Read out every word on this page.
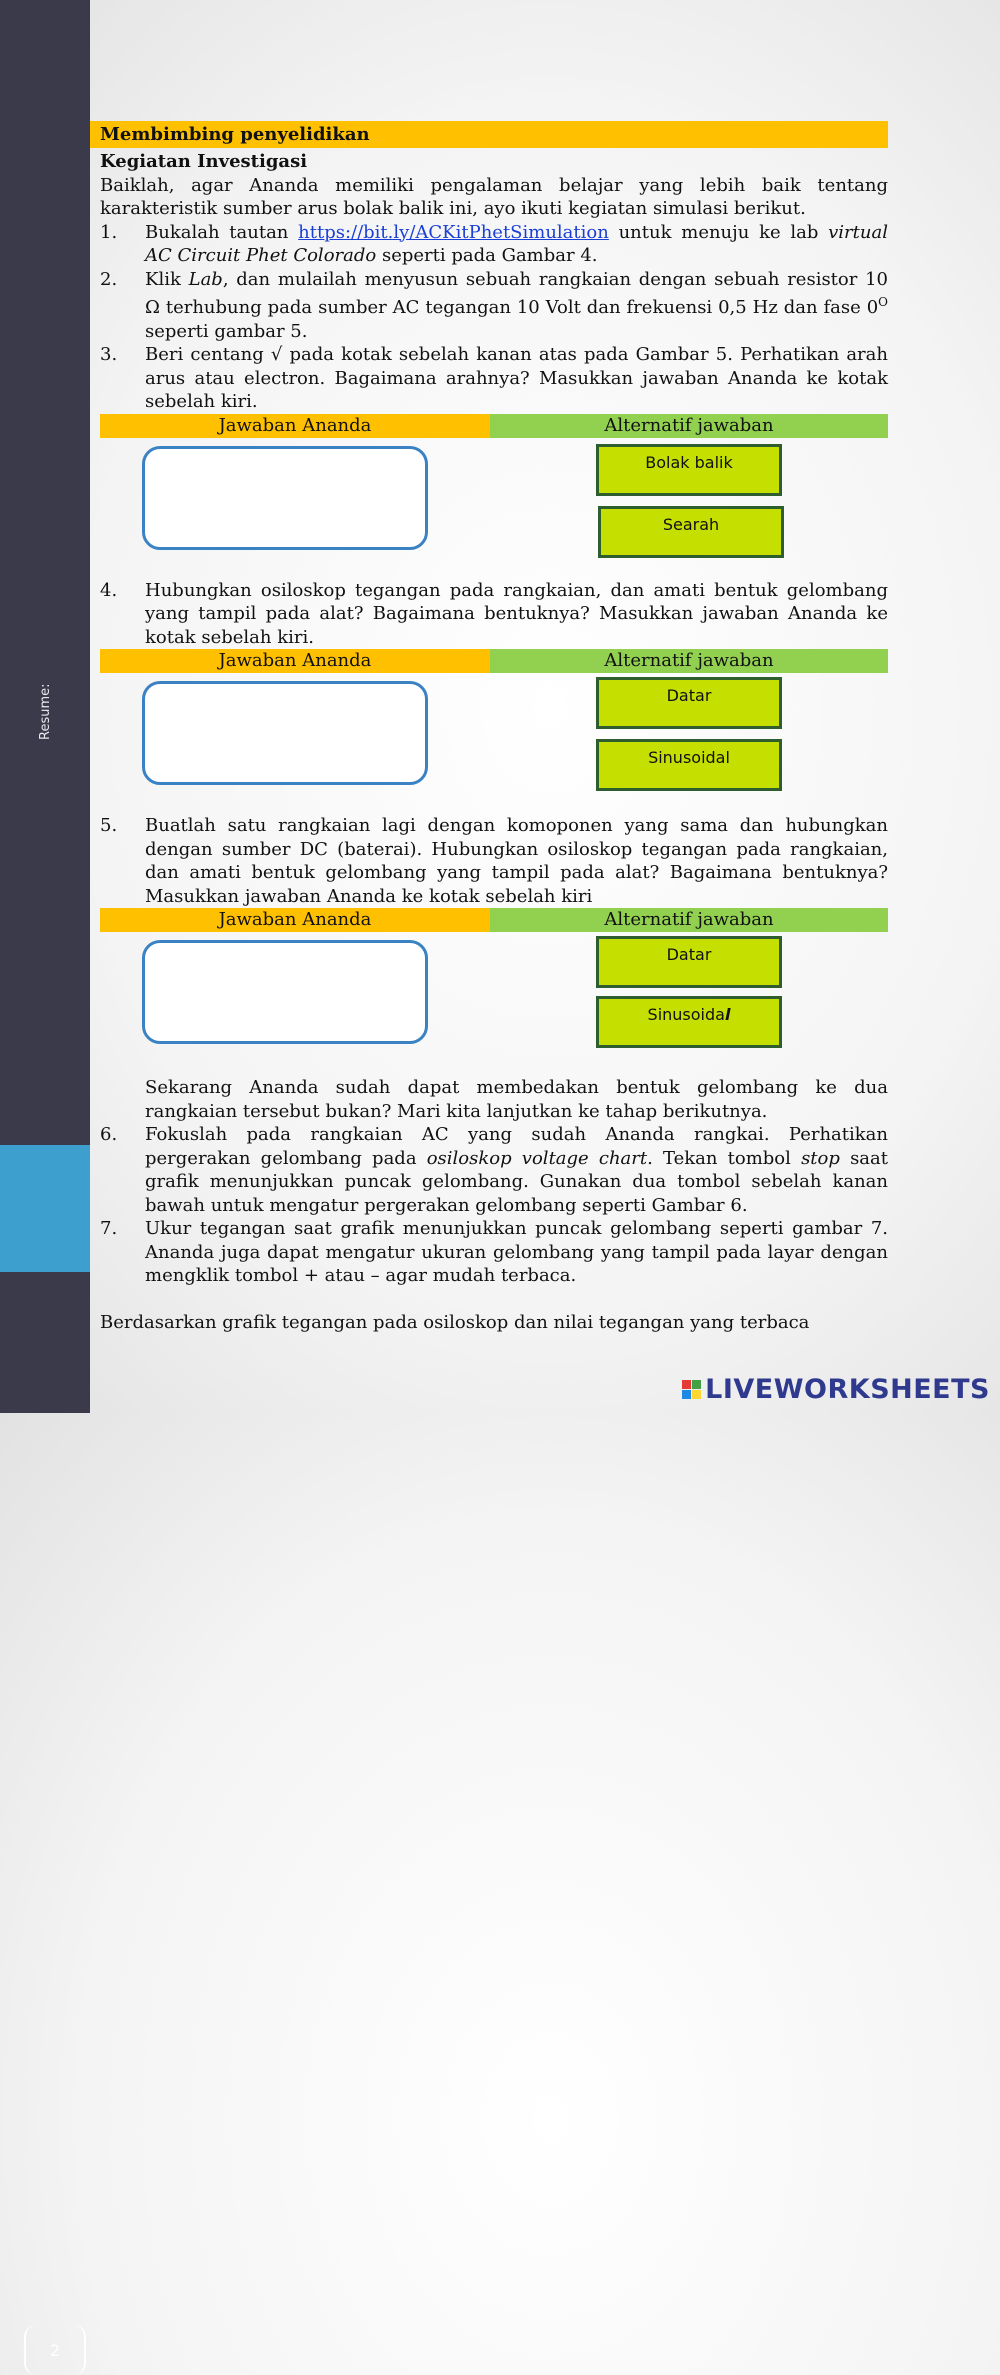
Resume:
2
Membimbing penyelidikan
Kegiatan Investigasi
Baiklah, agar Ananda memiliki pengalaman belajar yang lebih baik tentang karakteristik sumber arus bolak balik ini, ayo ikuti kegiatan simulasi berikut.
1.	Bukalah tautan https://bit.ly/ACKitPhetSimulation untuk menuju ke lab virtual AC Circuit Phet Colorado seperti pada Gambar 4.
2.	Klik Lab, dan mulailah menyusun sebuah rangkaian dengan sebuah resistor 10 Ω terhubung pada sumber AC tegangan 10 Volt dan frekuensi 0,5 Hz dan fase $0^O$ seperti gambar 5.
3.	Beri centang √ pada kotak sebelah kanan atas pada Gambar 5. Perhatikan arah arus atau electron. Bagaimana arahnya? Masukkan jawaban Ananda ke kotak sebelah kiri.
Jawaban Ananda	Alternatif jawaban
Bolak balik
Searah
4.	Hubungkan osiloskop tegangan pada rangkaian, dan amati bentuk gelombang yang tampil pada alat? Bagaimana bentuknya? Masukkan jawaban Ananda ke kotak sebelah kiri.
Jawaban Ananda	Alternatif jawaban
Datar
Sinusoidal
5.	Buatlah satu rangkaian lagi dengan komoponen yang sama dan hubungkan dengan sumber DC (baterai). Hubungkan osiloskop tegangan pada rangkaian, dan amati bentuk gelombang yang tampil pada alat? Bagaimana bentuknya? Masukkan jawaban Ananda ke kotak sebelah kiri
Jawaban Ananda	Alternatif jawaban
Datar
Sinusoida l
Sekarang Ananda sudah dapat membedakan bentuk gelombang ke dua rangkaian tersebut bukan? Mari kita lanjutkan ke tahap berikutnya.
6.	Fokuslah pada rangkaian AC yang sudah Ananda rangkai. Perhatikan pergerakan gelombang pada osiloskop voltage chart. Tekan tombol stop saat grafik menunjukkan puncak gelombang. Gunakan dua tombol sebelah kanan bawah untuk mengatur pergerakan gelombang seperti Gambar 6.
7.	Ukur tegangan saat grafik menunjukkan puncak gelombang seperti gambar 7. Ananda juga dapat mengatur ukuran gelombang yang tampil pada layar dengan mengklik tombol + atau – agar mudah terbaca.
Berdasarkan grafik tegangan pada osiloskop dan nilai tegangan yang terbaca
LIVEWORKSHEETS
